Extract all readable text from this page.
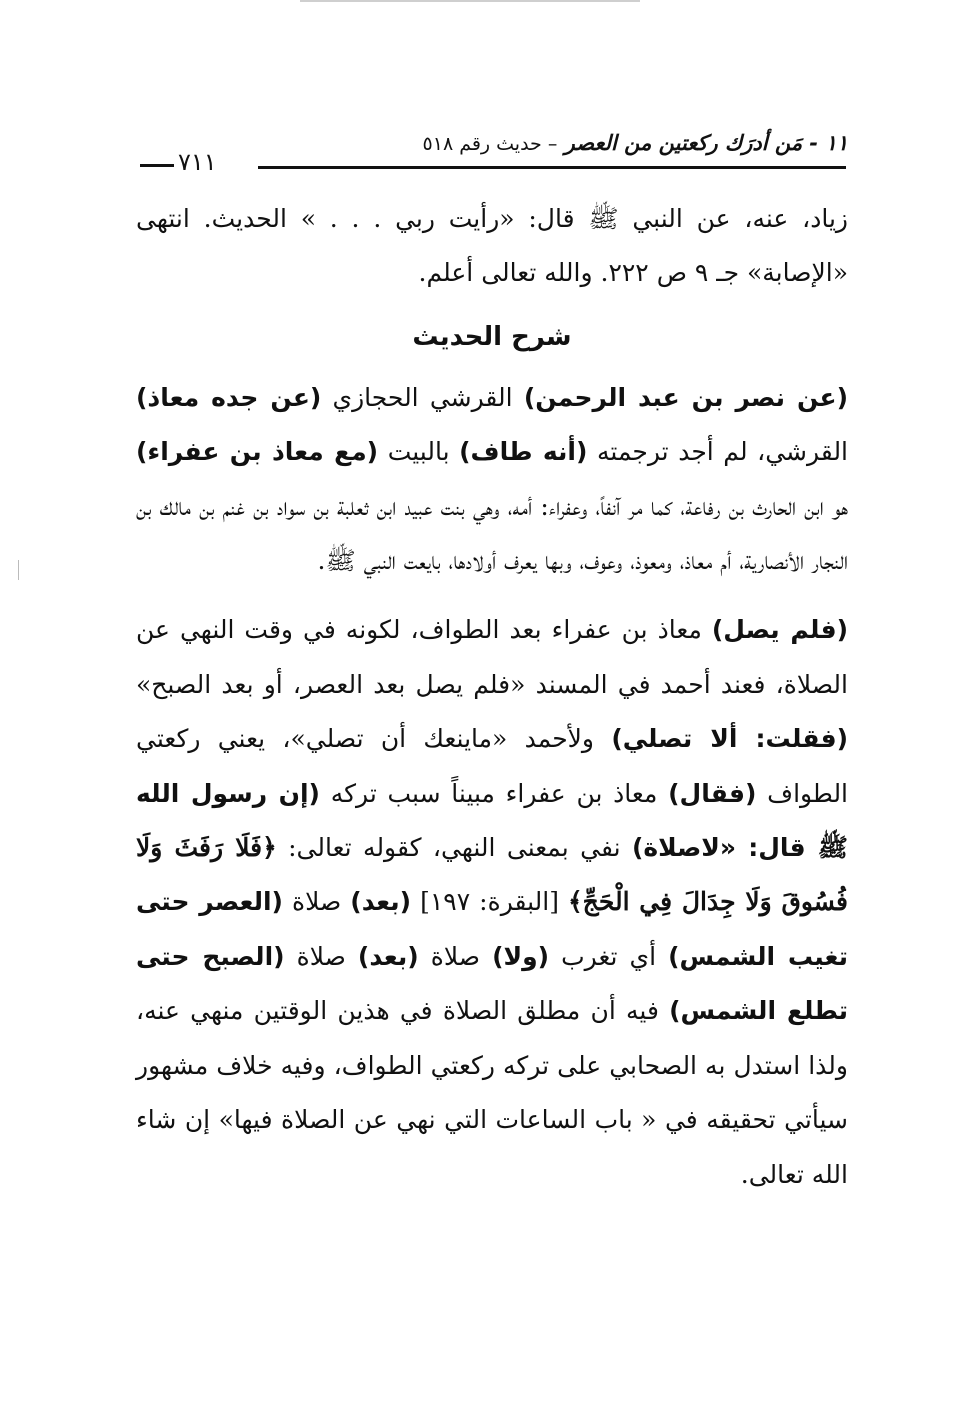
١١ - مَن أدرَك ركعتين من العصر – حديث رقم ٥١٨
٧١١

زياد، عنه، عن النبي ﷺ قال: «رأيت ربي . . . » الحديث. انتهى «الإصابة» جـ ٩ ص ٢٢٢. والله تعالى أعلم.

شرح الحديث

(عن نصر بن عبد الرحمن) القرشي الحجازي (عن جده معاذ) القرشي، لم أجد ترجمته (أنه طاف) بالبيت (مع معاذ بن عفراء) هو ابن الحارث بن رفاعة، كما مر آنفاً، وعفراء: أمه، وهي بنت عبيد ابن ثعلبة بن سواد بن غنم بن مالك بن النجار الأنصارية، أم معاذ، ومعوذ، وعوف، وبها يعرف أولادها، بايعت النبي ﷺ.

(فلم يصل) معاذ بن عفراء بعد الطواف، لكونه في وقت النهي عن الصلاة، فعند أحمد في المسند «فلم يصل بعد العصر، أو بعد الصبح» (فقلت: ألا تصلي) ولأحمد «ماينعك أن تصلي»، يعني ركعتي الطواف (فقال) معاذ بن عفراء مبيناً سبب تركه (إن رسول الله ﷺ قال: «لاصلاة) نفي بمعنى النهي، كقوله تعالى: ﴿فَلَا رَفَثَ وَلَا فُسُوقَ وَلَا جِدَالَ فِي الْحَجِّ﴾ [البقرة: ١٩٧] (بعد) صلاة (العصر حتى تغيب الشمس) أي تغرب (ولا) صلاة (بعد) صلاة (الصبح حتى تطلع الشمس) فيه أن مطلق الصلاة في هذين الوقتين منهي عنه، ولذا استدل به الصحابي على تركه ركعتي الطواف، وفيه خلاف مشهور سيأتي تحقيقه في « باب الساعات التي نهي عن الصلاة فيها» إن شاء الله تعالى.
